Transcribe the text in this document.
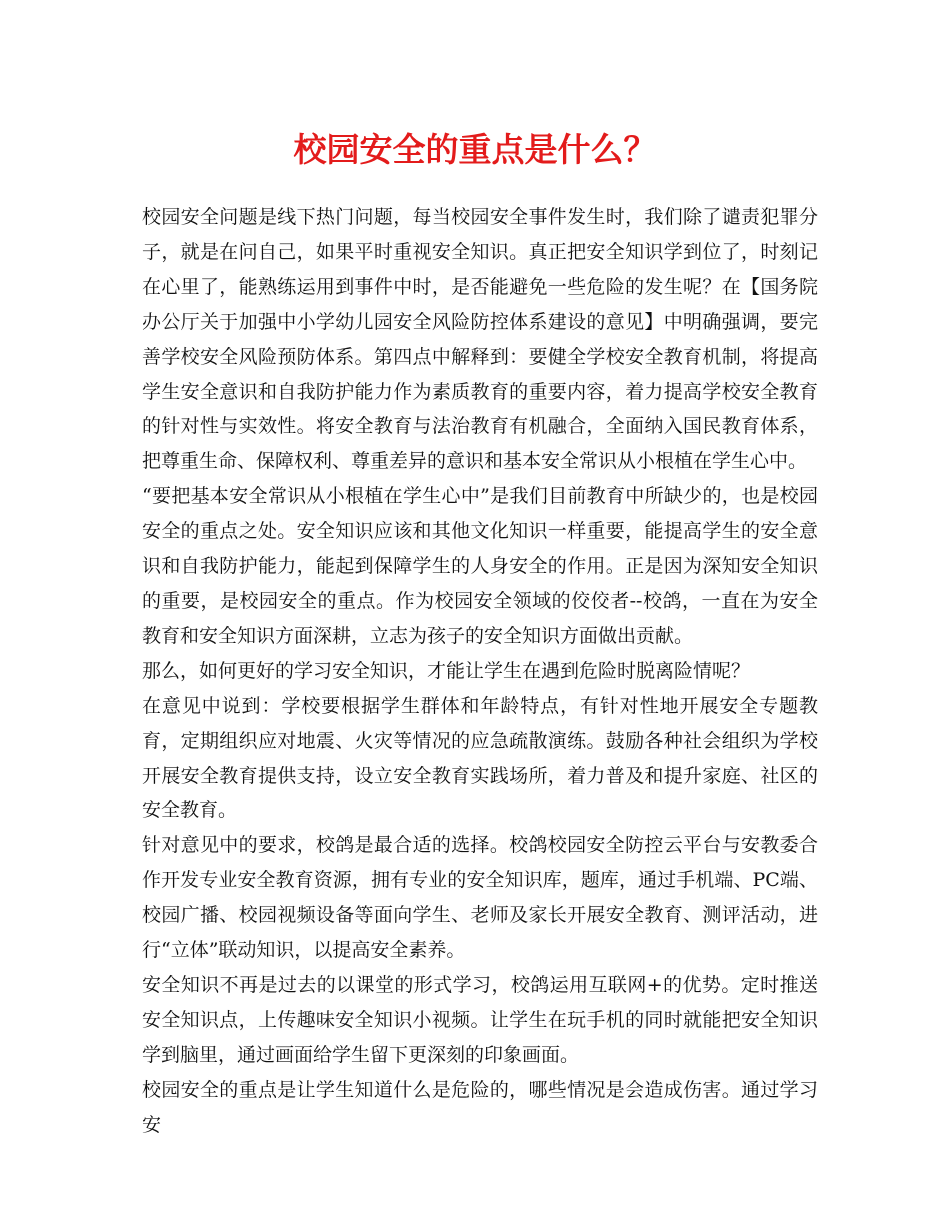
校园安全的重点是什么？

校园安全问题是线下热门问题，每当校园安全事件发生时，我们除了谴责犯罪分子，就是在问自己，如果平时重视安全知识。真正把安全知识学到位了，时刻记在心里了，能熟练运用到事件中时，是否能避免一些危险的发生呢？在【国务院办公厅关于加强中小学幼儿园安全风险防控体系建设的意见】中明确强调，要完善学校安全风险预防体系。第四点中解释到：要健全学校安全教育机制，将提高学生安全意识和自我防护能力作为素质教育的重要内容，着力提高学校安全教育的针对性与实效性。将安全教育与法治教育有机融合，全面纳入国民教育体系，把尊重生命、保障权利、尊重差异的意识和基本安全常识从小根植在学生心中。

“要把基本安全常识从小根植在学生心中”是我们目前教育中所缺少的，也是校园安全的重点之处。安全知识应该和其他文化知识一样重要，能提高学生的安全意识和自我防护能力，能起到保障学生的人身安全的作用。正是因为深知安全知识的重要，是校园安全的重点。作为校园安全领域的佼佼者--校鸽，一直在为安全教育和安全知识方面深耕，立志为孩子的安全知识方面做出贡献。

那么，如何更好的学习安全知识，才能让学生在遇到危险时脱离险情呢？

在意见中说到：学校要根据学生群体和年龄特点，有针对性地开展安全专题教育，定期组织应对地震、火灾等情况的应急疏散演练。鼓励各种社会组织为学校开展安全教育提供支持，设立安全教育实践场所，着力普及和提升家庭、社区的安全教育。

针对意见中的要求，校鸽是最合适的选择。校鸽校园安全防控云平台与安教委合作开发专业安全教育资源，拥有专业的安全知识库，题库，通过手机端、PC端、校园广播、校园视频设备等面向学生、老师及家长开展安全教育、测评活动，进行“立体”联动知识，以提高安全素养。

安全知识不再是过去的以课堂的形式学习，校鸽运用互联网+的优势。定时推送安全知识点，上传趣味安全知识小视频。让学生在玩手机的同时就能把安全知识学到脑里，通过画面给学生留下更深刻的印象画面。

校园安全的重点是让学生知道什么是危险的，哪些情况是会造成伤害。通过学习安
